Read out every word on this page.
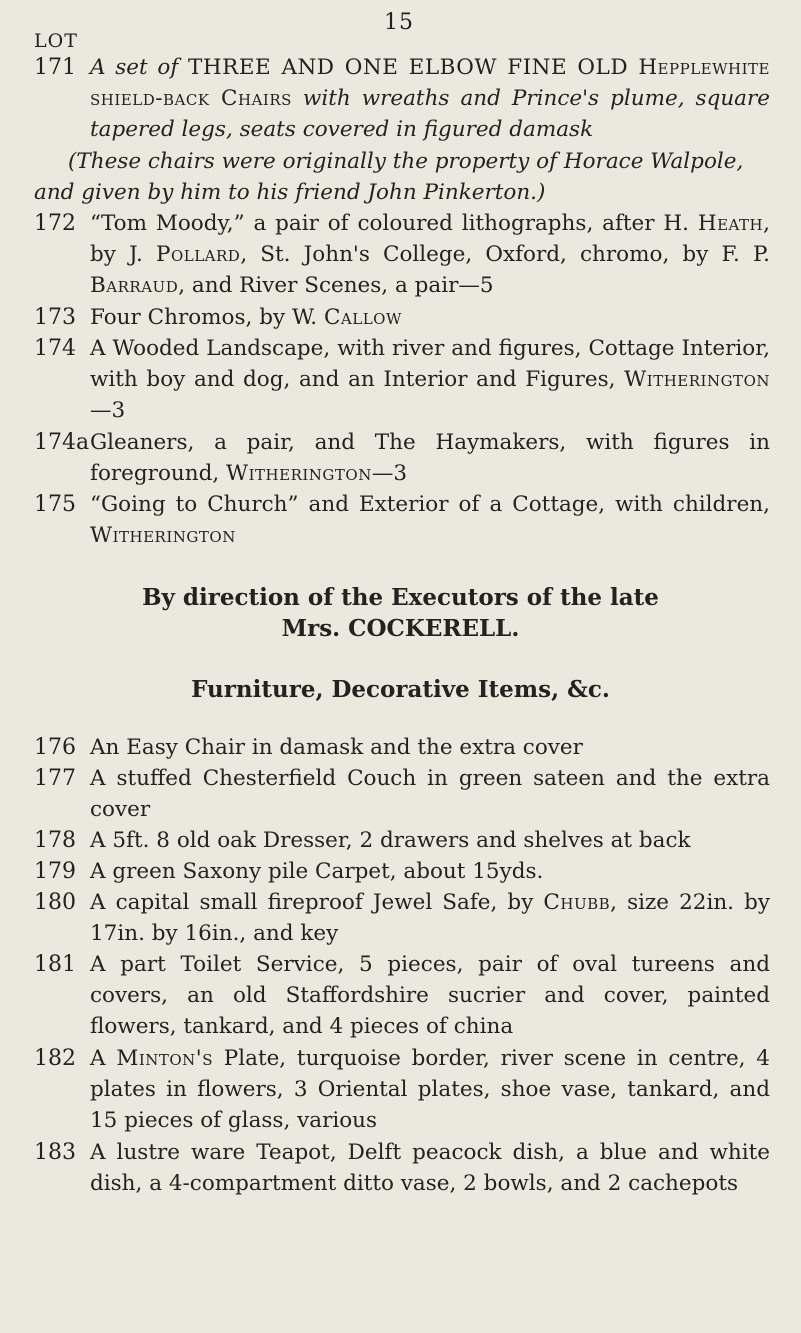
15
LOT
171 A set of THREE AND ONE ELBOW FINE OLD Hepplewhite shield-back Chairs with wreaths and Prince's plume, square tapered legs, seats covered in figured damask
(These chairs were originally the property of Horace Walpole, and given by him to his friend John Pinkerton.)
172 “Tom Moody,” a pair of coloured lithographs, after H. Heath, by J. Pollard, St. John's College, Oxford, chromo, by F. P. Barraud, and River Scenes, a pair—5
173 Four Chromos, by W. Callow
174 A Wooded Landscape, with river and figures, Cottage Interior, with boy and dog, and an Interior and Figures, Witherington—3
174a Gleaners, a pair, and The Haymakers, with figures in foreground, Witherington—3
175 “Going to Church” and Exterior of a Cottage, with children, Witherington
By direction of the Executors of the late
Mrs. COCKERELL.
Furniture, Decorative Items, &c.
176 An Easy Chair in damask and the extra cover
177 A stuffed Chesterfield Couch in green sateen and the extra cover
178 A 5ft. 8 old oak Dresser, 2 drawers and shelves at back
179 A green Saxony pile Carpet, about 15yds.
180 A capital small fireproof Jewel Safe, by Chubb, size 22in. by 17in. by 16in., and key
181 A part Toilet Service, 5 pieces, pair of oval tureens and covers, an old Staffordshire sucrier and cover, painted flowers, tankard, and 4 pieces of china
182 A Minton's Plate, turquoise border, river scene in centre, 4 plates in flowers, 3 Oriental plates, shoe vase, tankard, and 15 pieces of glass, various
183 A lustre ware Teapot, Delft peacock dish, a blue and white dish, a 4-compartment ditto vase, 2 bowls, and 2 cachepots
